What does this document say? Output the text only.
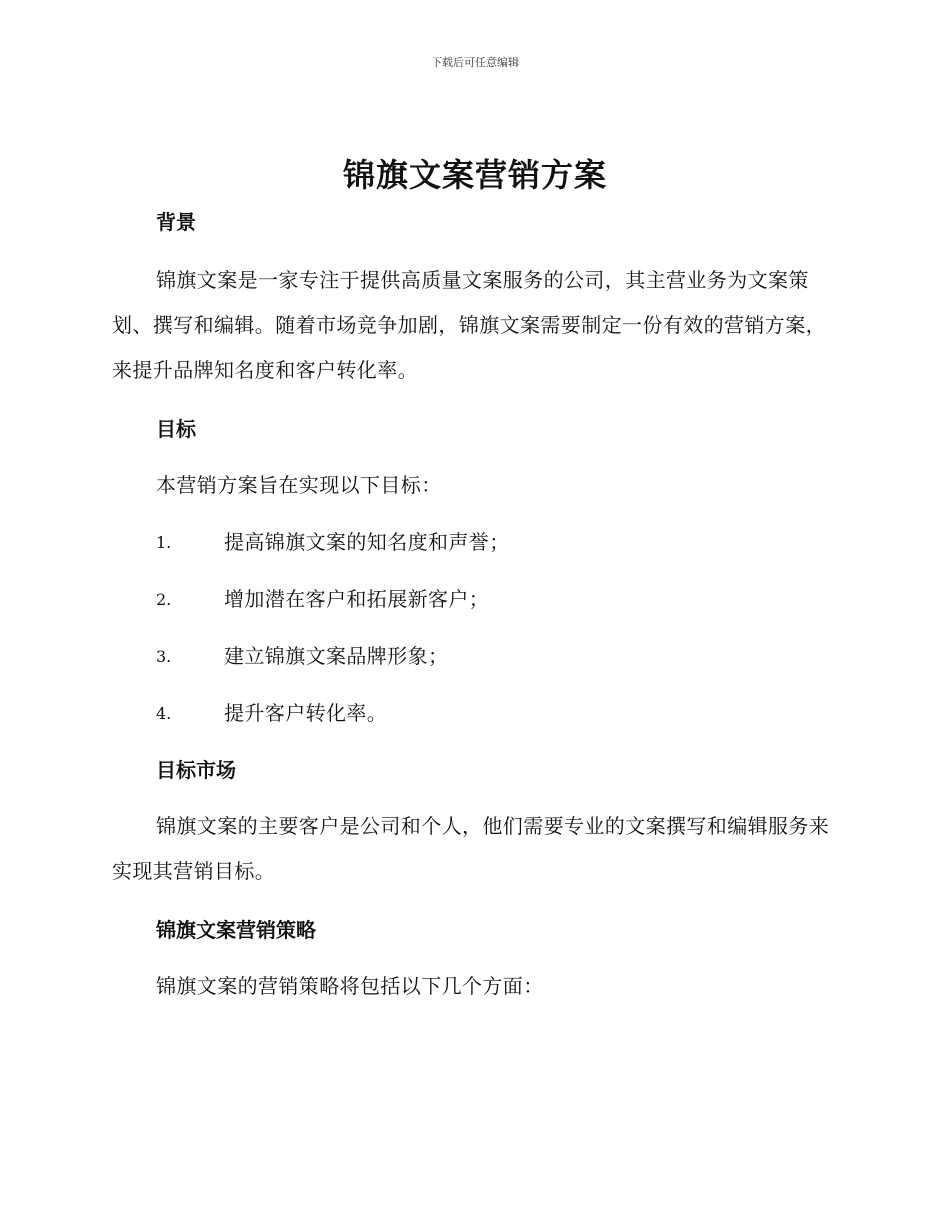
下载后可任意编辑
锦旗文案营销方案
背景

锦旗文案是一家专注于提供高质量文案服务的公司，其主营业务为文案策划、撰写和编辑。随着市场竞争加剧，锦旗文案需要制定一份有效的营销方案，来提升品牌知名度和客户转化率。

目标

本营销方案旨在实现以下目标：

1.	提高锦旗文案的知名度和声誉；
2.	增加潜在客户和拓展新客户；
3.	建立锦旗文案品牌形象；
4.	提升客户转化率。
目标市场

锦旗文案的主要客户是公司和个人，他们需要专业的文案撰写和编辑服务来实现其营销目标。

锦旗文案营销策略

锦旗文案的营销策略将包括以下几个方面：
